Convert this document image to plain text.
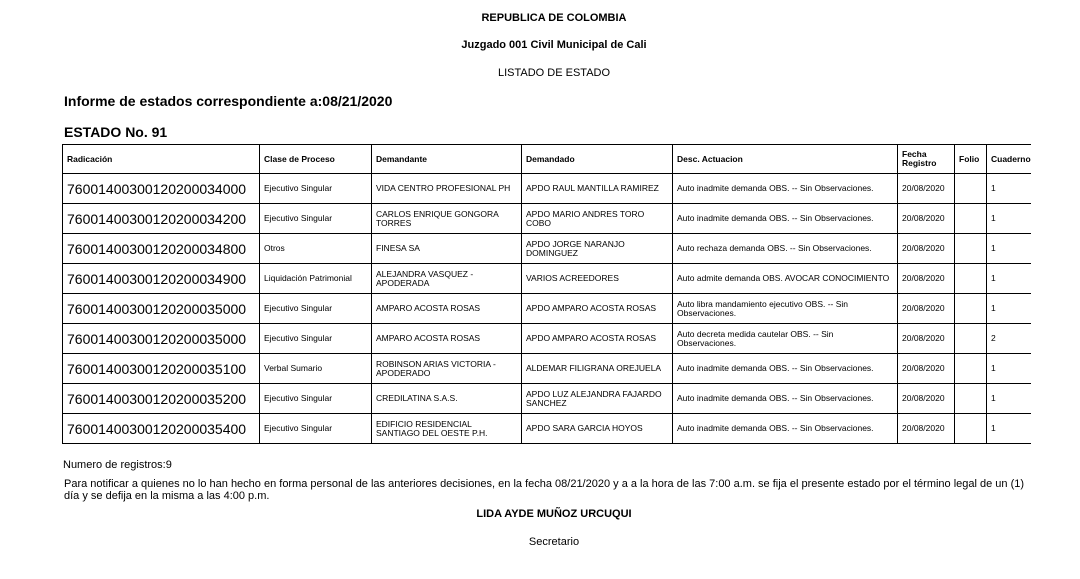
REPUBLICA DE COLOMBIA
Juzgado 001 Civil Municipal de Cali
LISTADO DE ESTADO
Informe de estados correspondiente a:08/21/2020
ESTADO No. 91
Radicación	Clase de Proceso	Demandante	Demandado	Desc. Actuacion	Fecha Registro	Folio	Cuaderno
76001400300120200034000	Ejecutivo Singular	VIDA CENTRO PROFESIONAL PH	APDO RAUL MANTILLA RAMIREZ	Auto inadmite demanda OBS. -- Sin Observaciones.	20/08/2020		1
76001400300120200034200	Ejecutivo Singular	CARLOS ENRIQUE GONGORA TORRES	APDO MARIO ANDRES TORO COBO	Auto inadmite demanda OBS. -- Sin Observaciones.	20/08/2020		1
76001400300120200034800	Otros	FINESA SA	APDO JORGE NARANJO DOMINGUEZ	Auto rechaza demanda OBS. -- Sin Observaciones.	20/08/2020		1
76001400300120200034900	Liquidación Patrimonial	ALEJANDRA VASQUEZ - APODERADA	VARIOS ACREEDORES	Auto admite demanda OBS. AVOCAR CONOCIMIENTO	20/08/2020		1
76001400300120200035000	Ejecutivo Singular	AMPARO ACOSTA ROSAS	APDO AMPARO ACOSTA ROSAS	Auto libra mandamiento ejecutivo OBS. -- Sin Observaciones.	20/08/2020		1
76001400300120200035000	Ejecutivo Singular	AMPARO ACOSTA ROSAS	APDO AMPARO ACOSTA ROSAS	Auto decreta medida cautelar OBS. -- Sin Observaciones.	20/08/2020		2
76001400300120200035100	Verbal Sumario	ROBINSON ARIAS VICTORIA - APODERADO	ALDEMAR FILIGRANA OREJUELA	Auto inadmite demanda OBS. -- Sin Observaciones.	20/08/2020		1
76001400300120200035200	Ejecutivo Singular	CREDILATINA S.A.S.	APDO LUZ ALEJANDRA FAJARDO SANCHEZ	Auto inadmite demanda OBS. -- Sin Observaciones.	20/08/2020		1
76001400300120200035400	Ejecutivo Singular	EDIFICIO RESIDENCIAL SANTIAGO DEL OESTE P.H.	APDO SARA GARCIA HOYOS	Auto inadmite demanda OBS. -- Sin Observaciones.	20/08/2020		1
Numero de registros:9
Para notificar a quienes no lo han hecho en forma personal de las anteriores decisiones, en la fecha 08/21/2020 y a a la hora de las 7:00 a.m. se fija el presente estado por el término legal de un (1) día y se defija en la misma a las 4:00 p.m.
LIDA AYDE MUÑOZ URCUQUI
Secretario
